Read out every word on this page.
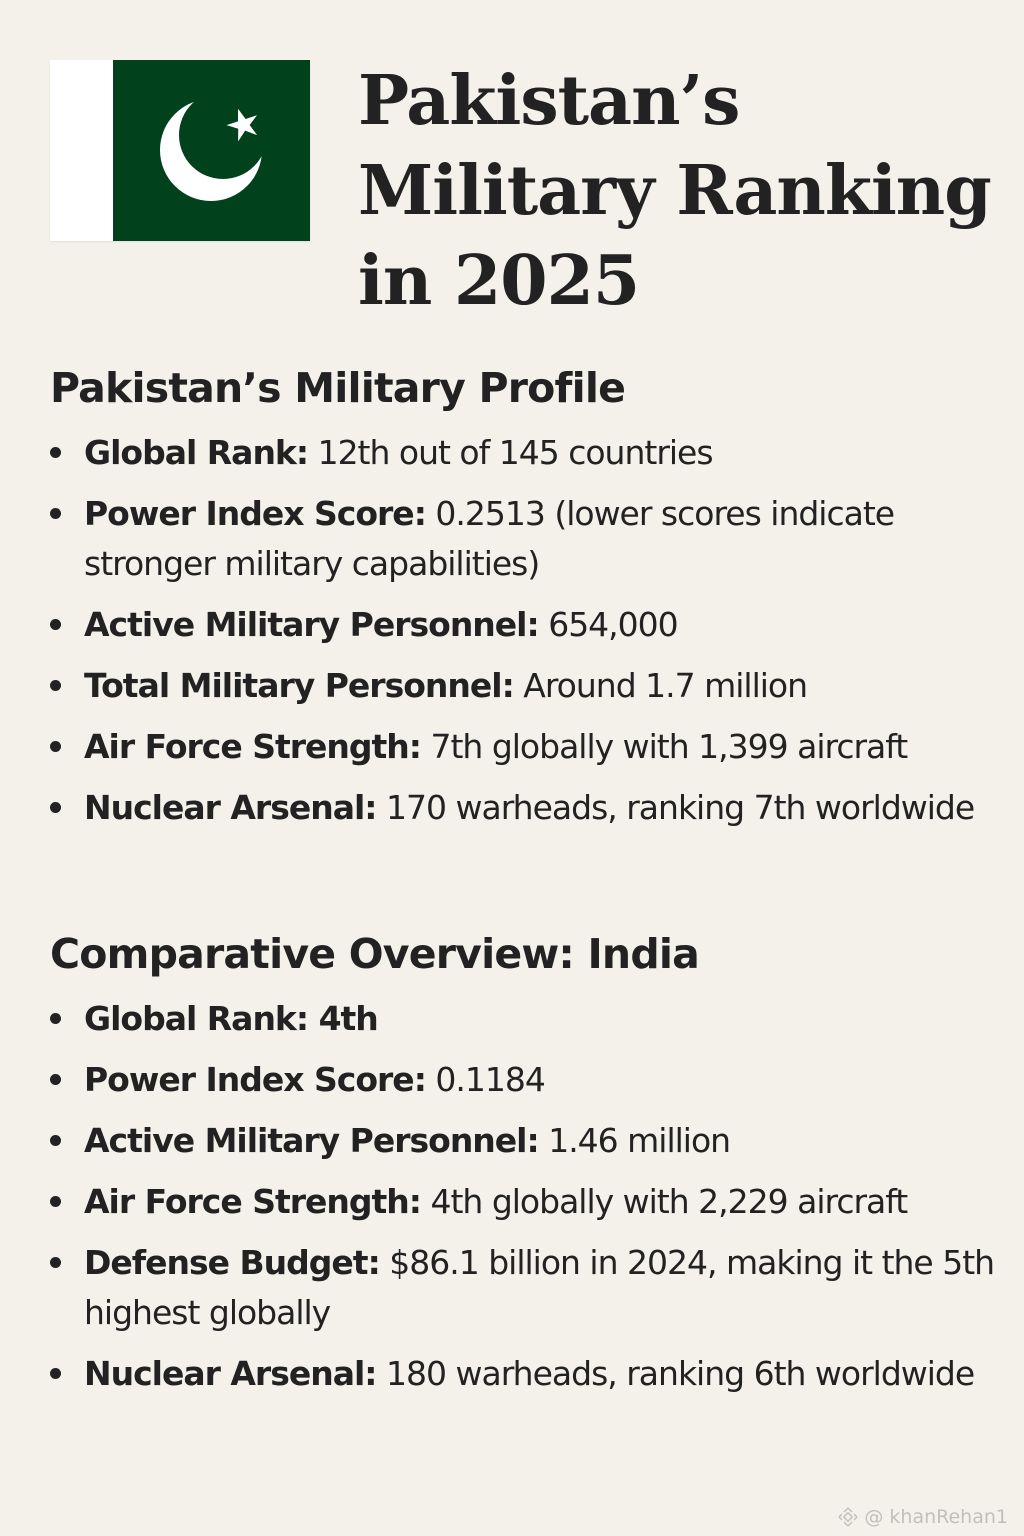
Pakistan’s
Military Ranking
in 2025
Pakistan’s Military Profile
Global Rank: 12th out of 145 countries
Power Index Score: 0.2513 (lower scores indicate stronger military capabilities)
Active Military Personnel: 654,000
Total Military Personnel: Around 1.7 million
Air Force Strength: 7th globally with 1,399 aircraft
Nuclear Arsenal: 170 warheads, ranking 7th worldwide
Comparative Overview: India
Global Rank: 4th
Power Index Score: 0.1184
Active Military Personnel: 1.46 million
Air Force Strength: 4th globally with 2,229 aircraft
Defense Budget: $86.1 billion in 2024, making it the 5th highest globally
Nuclear Arsenal: 180 warheads, ranking 6th worldwide
@ khanRehan1
